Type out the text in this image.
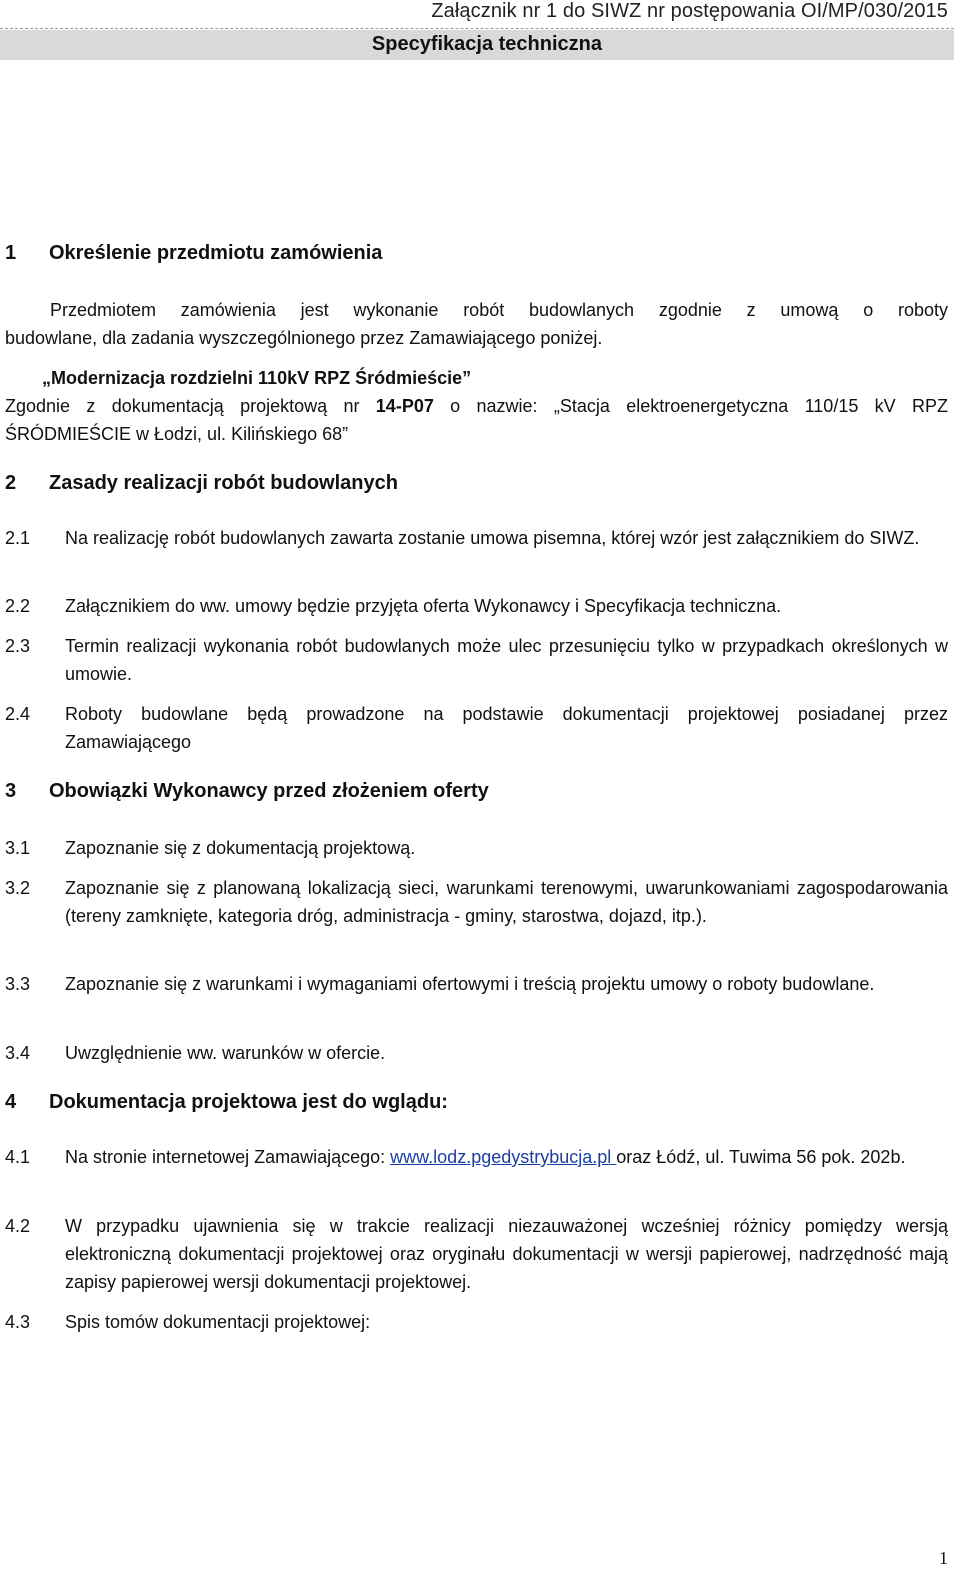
Załącznik nr 1 do SIWZ nr postępowania OI/MP/030/2015
Specyfikacja techniczna
1 Określenie przedmiotu zamówienia
Przedmiotem zamówienia jest wykonanie robót budowlanych zgodnie z umową o roboty
budowlane, dla zadania wyszczególnionego przez Zamawiającego poniżej.
„Modernizacja rozdzielni 110kV RPZ Śródmieście”
Zgodnie z dokumentacją projektową nr 14-P07 o nazwie: „Stacja elektroenergetyczna 110/15 kV RPZ
ŚRÓDMIEŚCIE w Łodzi, ul. Kilińskiego 68”
2 Zasady realizacji robót budowlanych
2.1	Na realizację robót budowlanych zawarta zostanie umowa pisemna, której wzór jest załącznikiem do SIWZ.
2.2	Załącznikiem do ww. umowy będzie przyjęta oferta Wykonawcy i Specyfikacja techniczna.
2.3	Termin realizacji wykonania robót budowlanych może ulec przesunięciu tylko w przypadkach określonych w umowie.
2.4	Roboty budowlane będą prowadzone na podstawie dokumentacji projektowej posiadanej przez Zamawiającego
3 Obowiązki Wykonawcy przed złożeniem oferty
3.1	Zapoznanie się z dokumentacją projektową.
3.2	Zapoznanie się z planowaną lokalizacją sieci, warunkami terenowymi, uwarunkowaniami zagospodarowania (tereny zamknięte, kategoria dróg, administracja - gminy, starostwa, dojazd, itp.).
3.3	Zapoznanie się z warunkami i wymaganiami ofertowymi i treścią projektu umowy o roboty budowlane.
3.4	Uwzględnienie ww. warunków w ofercie.
4 Dokumentacja projektowa jest do wglądu:
4.1	Na stronie internetowej Zamawiającego: www.lodz.pgedystrybucja.pl oraz Łódź, ul. Tuwima 56 pok. 202b.
4.2	W przypadku ujawnienia się w trakcie realizacji niezauważonej wcześniej różnicy pomiędzy wersją elektroniczną dokumentacji projektowej oraz oryginału dokumentacji w wersji papierowej, nadrzędność mają zapisy papierowej wersji dokumentacji projektowej.
4.3	Spis tomów dokumentacji projektowej:
1
